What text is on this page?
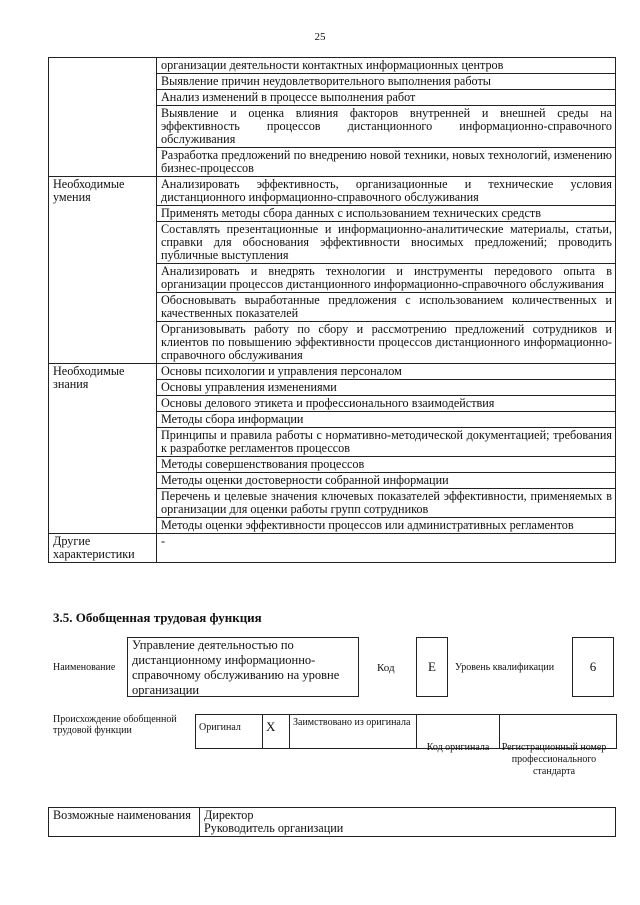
25
	организации деятельности контактных информационных центров
	Выявление причин неудовлетворительного выполнения работы
	Анализ изменений в процессе выполнения работ
	Выявление и оценка влияния факторов внутренней и внешней среды на эффективность процессов дистанционного информационно-справочного обслуживания
	Разработка предложений по внедрению новой техники, новых технологий, изменению бизнес-процессов
Необходимые умения	Анализировать эффективность, организационные и технические условия дистанционного информационно-справочного обслуживания
	Применять методы сбора данных с использованием технических средств
	Составлять презентационные и информационно-аналитические материалы, статьи, справки для обоснования эффективности вносимых предложений; проводить публичные выступления
	Анализировать и внедрять технологии и инструменты передового опыта в организации процессов дистанционного информационно-справочного обслуживания
	Обосновывать выработанные предложения с использованием количественных и качественных показателей
	Организовывать работу по сбору и рассмотрению предложений сотрудников и клиентов по повышению эффективности процессов дистанционного информационно-справочного обслуживания
Необходимые знания	Основы психологии и управления персоналом
	Основы управления изменениями
	Основы делового этикета и профессионального взаимодействия
	Методы сбора информации
	Принципы и правила работы с нормативно-методической документацией; требования к разработке регламентов процессов
	Методы совершенствования процессов
	Методы оценки достоверности собранной информации
	Перечень и целевые значения ключевых показателей эффективности, применяемых в организации для оценки работы групп сотрудников
	Методы оценки эффективности процессов или административных регламентов
Другие характеристики	-
3.5. Обобщенная трудовая функция
Наименование
Управление деятельностью по дистанционному информационно-справочному обслуживанию на уровне организации
Код	E	Уровень квалификации	6
Происхождение обобщенной трудовой функции	Оригинал	X	Заимствовано из оригинала		
Код оригинала	Регистрационный номер профессионального стандарта
Возможные наименования	Директор
Руководитель организации
